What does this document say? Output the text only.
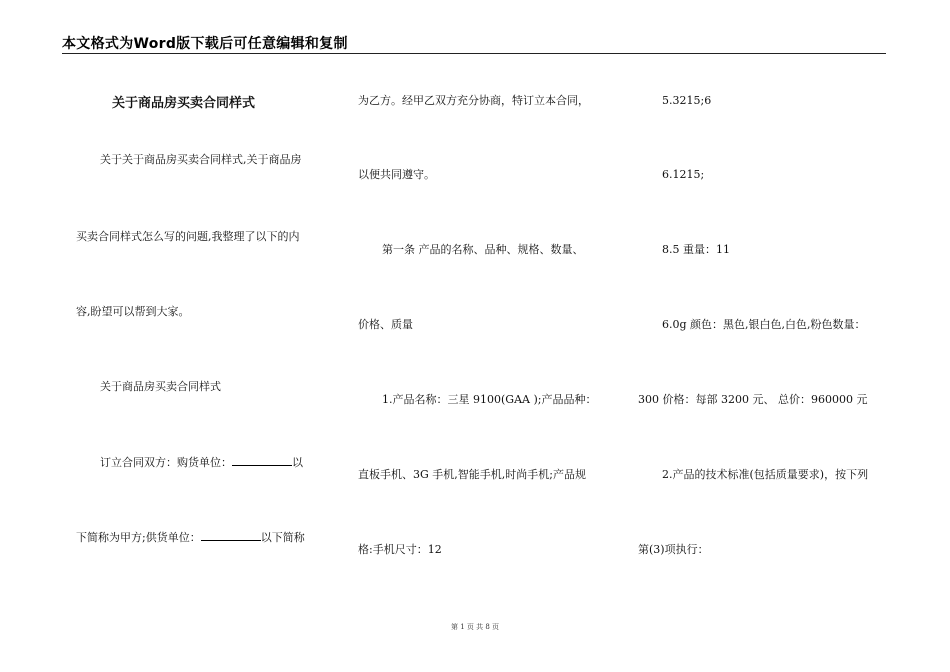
本文格式为Word版下载后可任意编辑和复制
关于商品房买卖合同样式
关于关于商品房买卖合同样式,关于商品房
买卖合同样式怎么写的问题,我整理了以下的内
容,盼望可以帮到大家。
关于商品房买卖合同样式
订立合同双方：购货单位：	以
下简称为甲方;供货单位：	以下简称
为乙方。经甲乙双方充分协商，特订立本合同，
以便共同遵守。
第一条 产品的名称、品种、规格、数量、
价格、质量
1.产品名称：三星 9100(GAA );产品品种：
直板手机、3G 手机,智能手机,时尚手机;产品规
格:手机尺寸：12
5.3215;6
6.1215;
8.5 重量：11
6.0g 颜色：黑色,银白色,白色,粉色数量：
300 价格：每部 3200 元、 总价：960000 元
2.产品的技术标准(包括质量要求)，按下列
第(3)项执行：
第 1 页 共 8 页
